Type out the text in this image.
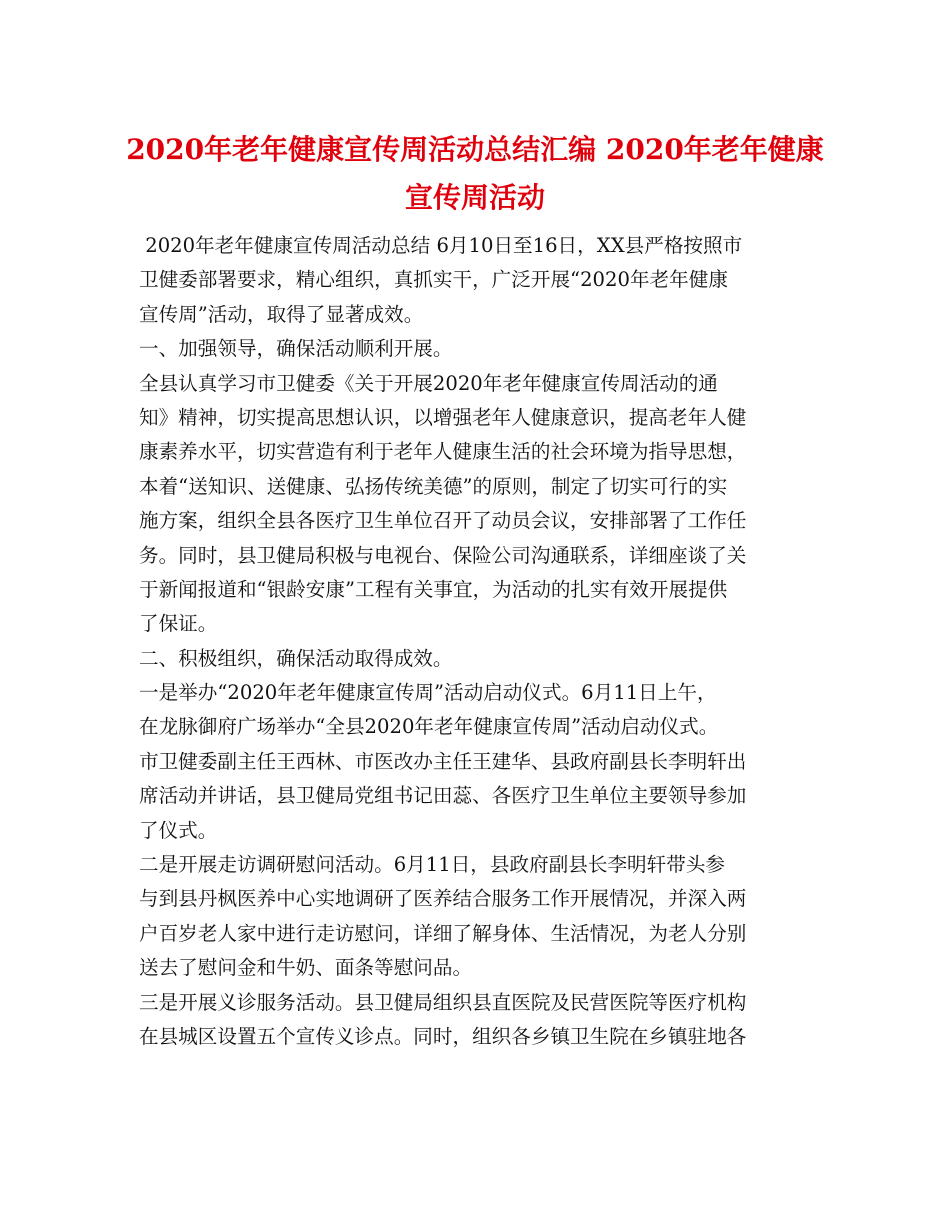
2020年老年健康宣传周活动总结汇编 2020年老年健康
宣传周活动
2020年老年健康宣传周活动总结 6月10日至16日，XX县严格按照市
卫健委部署要求，精心组织，真抓实干，广泛开展“2020年老年健康
宣传周”活动，取得了显著成效。
一、加强领导，确保活动顺利开展。
全县认真学习市卫健委《关于开展2020年老年健康宣传周活动的通
知》精神，切实提高思想认识，以增强老年人健康意识，提高老年人健
康素养水平，切实营造有利于老年人健康生活的社会环境为指导思想，
本着“送知识、送健康、弘扬传统美德”的原则，制定了切实可行的实
施方案，组织全县各医疗卫生单位召开了动员会议，安排部署了工作任
务。同时，县卫健局积极与电视台、保险公司沟通联系，详细座谈了关
于新闻报道和“银龄安康”工程有关事宜，为活动的扎实有效开展提供
了保证。
二、积极组织，确保活动取得成效。
一是举办“2020年老年健康宣传周”活动启动仪式。6月11日上午，
在龙脉御府广场举办“全县2020年老年健康宣传周”活动启动仪式。
市卫健委副主任王西林、市医改办主任王建华、县政府副县长李明轩出
席活动并讲话，县卫健局党组书记田蕊、各医疗卫生单位主要领导参加
了仪式。
二是开展走访调研慰问活动。6月11日，县政府副县长李明轩带头参
与到县丹枫医养中心实地调研了医养结合服务工作开展情况，并深入两
户百岁老人家中进行走访慰问，详细了解身体、生活情况，为老人分别
送去了慰问金和牛奶、面条等慰问品。
三是开展义诊服务活动。县卫健局组织县直医院及民营医院等医疗机构
在县城区设置五个宣传义诊点。同时，组织各乡镇卫生院在乡镇驻地各
